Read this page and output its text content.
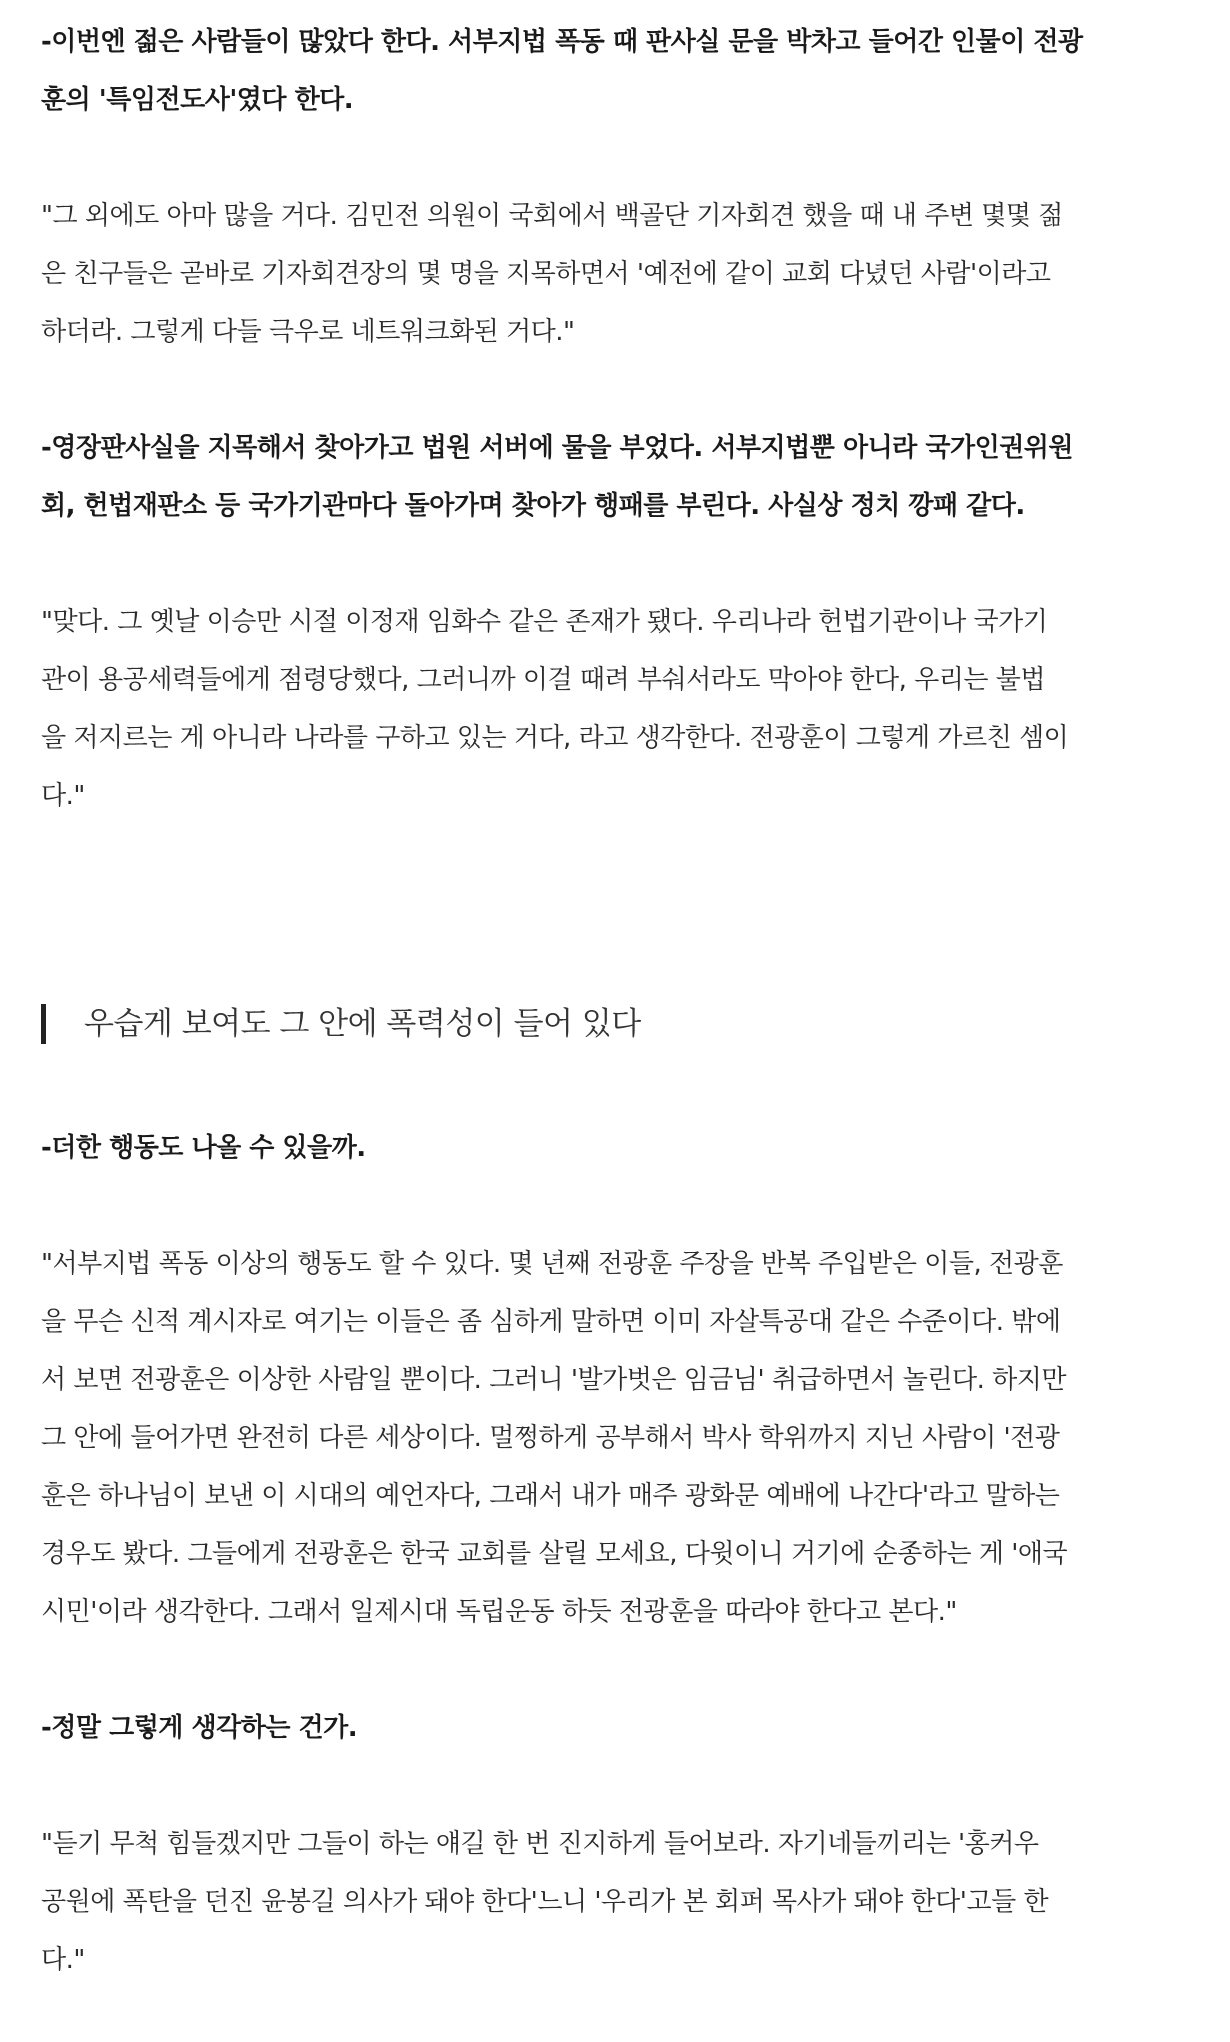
-이번엔 젊은 사람들이 많았다 한다. 서부지법 폭동 때 판사실 문을 박차고 들어간 인물이 전광
훈의 '특임전도사'였다 한다.
"그 외에도 아마 많을 거다. 김민전 의원이 국회에서 백골단 기자회견 했을 때 내 주변 몇몇 젊
은 친구들은 곧바로 기자회견장의 몇 명을 지목하면서 '예전에 같이 교회 다녔던 사람'이라고
하더라. 그렇게 다들 극우로 네트워크화된 거다."
-영장판사실을 지목해서 찾아가고 법원 서버에 물을 부었다. 서부지법뿐 아니라 국가인권위원
회, 헌법재판소 등 국가기관마다 돌아가며 찾아가 행패를 부린다. 사실상 정치 깡패 같다.
"맞다. 그 옛날 이승만 시절 이정재 임화수 같은 존재가 됐다. 우리나라 헌법기관이나 국가기
관이 용공세력들에게 점령당했다, 그러니까 이걸 때려 부숴서라도 막아야 한다, 우리는 불법
을 저지르는 게 아니라 나라를 구하고 있는 거다, 라고 생각한다. 전광훈이 그렇게 가르친 셈이
다."
우습게 보여도 그 안에 폭력성이 들어 있다
-더한 행동도 나올 수 있을까.
"서부지법 폭동 이상의 행동도 할 수 있다. 몇 년째 전광훈 주장을 반복 주입받은 이들, 전광훈
을 무슨 신적 계시자로 여기는 이들은 좀 심하게 말하면 이미 자살특공대 같은 수준이다. 밖에
서 보면 전광훈은 이상한 사람일 뿐이다. 그러니 '발가벗은 임금님' 취급하면서 놀린다. 하지만
그 안에 들어가면 완전히 다른 세상이다. 멀쩡하게 공부해서 박사 학위까지 지닌 사람이 '전광
훈은 하나님이 보낸 이 시대의 예언자다, 그래서 내가 매주 광화문 예배에 나간다'라고 말하는
경우도 봤다. 그들에게 전광훈은 한국 교회를 살릴 모세요, 다윗이니 거기에 순종하는 게 '애국
시민'이라 생각한다. 그래서 일제시대 독립운동 하듯 전광훈을 따라야 한다고 본다."
-정말 그렇게 생각하는 건가.
"듣기 무척 힘들겠지만 그들이 하는 얘길 한 번 진지하게 들어보라. 자기네들끼리는 '홍커우
공원에 폭탄을 던진 윤봉길 의사가 돼야 한다'느니 '우리가 본 회퍼 목사가 돼야 한다'고들 한
다."
